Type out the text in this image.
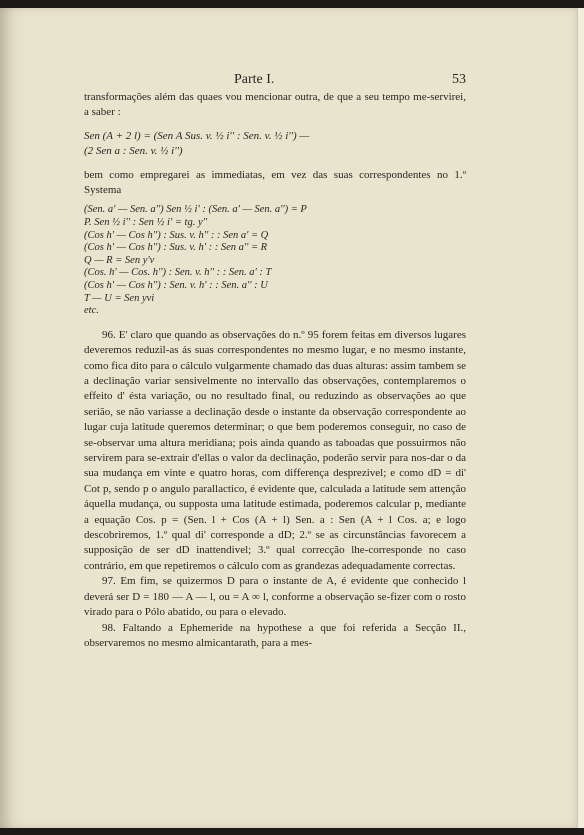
Parte I.	53

transformações além das quaes vou mencionar outra, de que a seu tempo me-servirei, a saber :

Sen (A + 2 l) = (Sen A Sus. v. ½ i'' : Sen. v. ½ i'') —
(2 Sen a : Sen. v. ½ i'')

bem como empregarei as immediatas, em vez das suas correspondentes no 1.º Systema

(Sen. a' — Sen. a'') Sen ½ i' : (Sen. a' — Sen. a'') = P
P. Sen ½ i'' : Sen ½ i' = tg. y''
(Cos h' — Cos h'') : Sus. v. h'' : : Sen a' = Q
(Cos h' — Cos h'') : Sus. v. h' : : Sen a'' = R
Q — R = Sen y'v
(Cos. h' — Cos. h'') : Sen. v. h'' : : Sen. a' : T
(Cos h' — Cos h'') : Sen. v. h' : : Sen. a'' : U
T — U = Sen yvi
etc.

96. E' claro que quando as observações do n.º 95 forem feitas em diversos lugares deveremos reduzil-as ás suas correspondentes no mesmo lugar, e no mesmo instante, como fica dito para o cálculo vulgarmente chamado das duas alturas: assim tambem se a declinação variar sensivelmente no intervallo das observações, contemplaremos o effeito d' ésta variação, ou no resultado final, ou reduzindo as observações ao que serião, se não variasse a declinação desde o instante da observação correspondente ao lugar cuja latitude queremos determinar; o que bem poderemos conseguir, no caso de se-observar uma altura meridiana; pois ainda quando as taboadas que possuirmos não servirem para se-extrair d'ellas o valor da declinação, poderão servir para nos-dar o da sua mudança em vinte e quatro horas, com differença desprezivel; e como dD = di' Cot p, sendo p o angulo parallactico, é evidente que, calculada a latitude sem attenção áquella mudança, ou supposta uma latitude estimada, poderemos calcular p, mediante a equação Cos. p = (Sen. l + Cos (A + l) Sen. a : Sen (A + l Cos. a; e logo descobriremos, 1.º qual di' corresponde a dD; 2.º se as circunstâncias favorecem a supposição de ser dD inattendivel; 3.º qual correcção lhe-corresponde no caso contrário, em que repetiremos o cálculo com as grandezas adequadamente correctas.

97. Em fim, se quizermos D para o instante de A, é evidente que conhecido l deverá ser D = 180 — A — l, ou = A ∞ l, conforme a observação se-fizer com o rosto virado para o Pólo abatido, ou para o elevado.

98. Faltando a Ephemeride na hypothese a que foi referida a Secção II., observaremos no mesmo almicantarath, para a mes-
